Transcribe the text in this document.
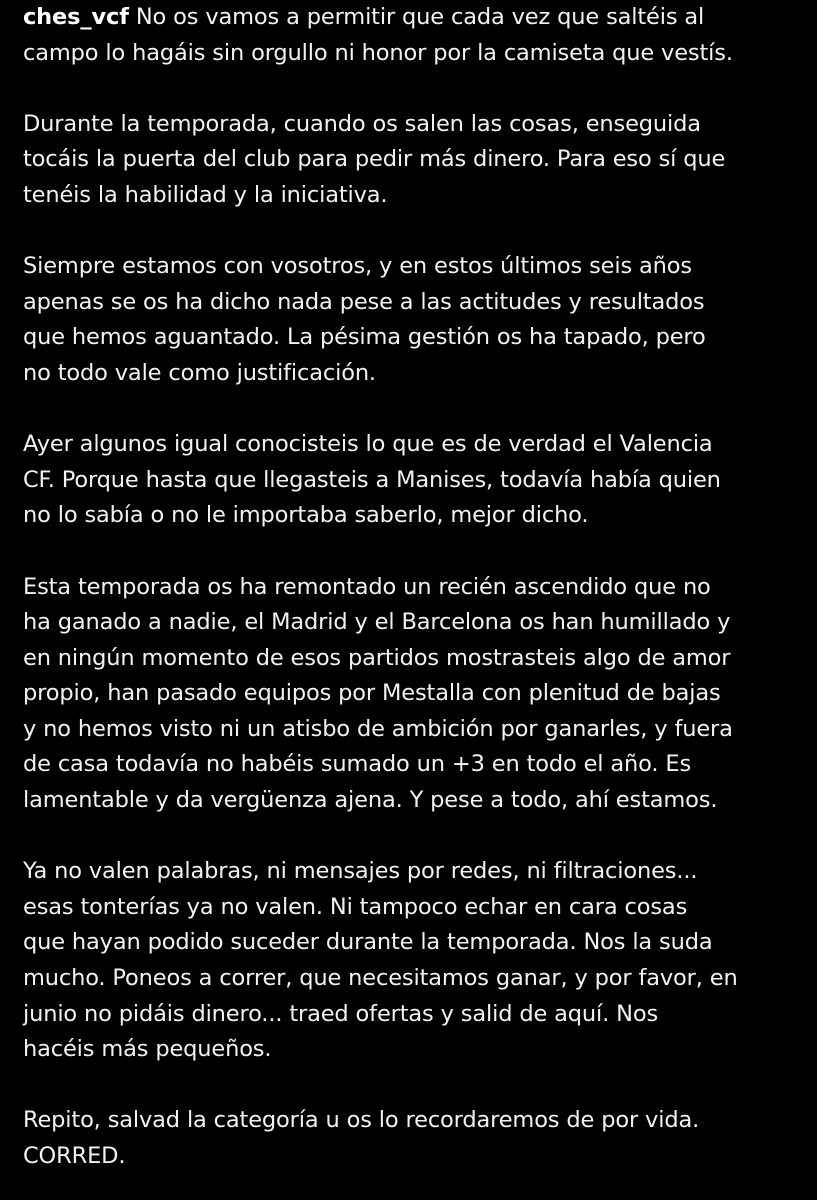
ches_vcf No os vamos a permitir que cada vez que saltéis al
campo lo hagáis sin orgullo ni honor por la camiseta que vestís.

Durante la temporada, cuando os salen las cosas, enseguida
tocáis la puerta del club para pedir más dinero. Para eso sí que
tenéis la habilidad y la iniciativa.

Siempre estamos con vosotros, y en estos últimos seis años
apenas se os ha dicho nada pese a las actitudes y resultados
que hemos aguantado. La pésima gestión os ha tapado, pero
no todo vale como justificación.

Ayer algunos igual conocisteis lo que es de verdad el Valencia
CF. Porque hasta que llegasteis a Manises, todavía había quien
no lo sabía o no le importaba saberlo, mejor dicho.

Esta temporada os ha remontado un recién ascendido que no
ha ganado a nadie, el Madrid y el Barcelona os han humillado y
en ningún momento de esos partidos mostrasteis algo de amor
propio, han pasado equipos por Mestalla con plenitud de bajas
y no hemos visto ni un atisbo de ambición por ganarles, y fuera
de casa todavía no habéis sumado un +3 en todo el año. Es
lamentable y da vergüenza ajena. Y pese a todo, ahí estamos.

Ya no valen palabras, ni mensajes por redes, ni filtraciones...
esas tonterías ya no valen. Ni tampoco echar en cara cosas
que hayan podido suceder durante la temporada. Nos la suda
mucho. Poneos a correr, que necesitamos ganar, y por favor, en
junio no pidáis dinero... traed ofertas y salid de aquí. Nos
hacéis más pequeños.

Repito, salvad la categoría u os lo recordaremos de por vida.
CORRED.
